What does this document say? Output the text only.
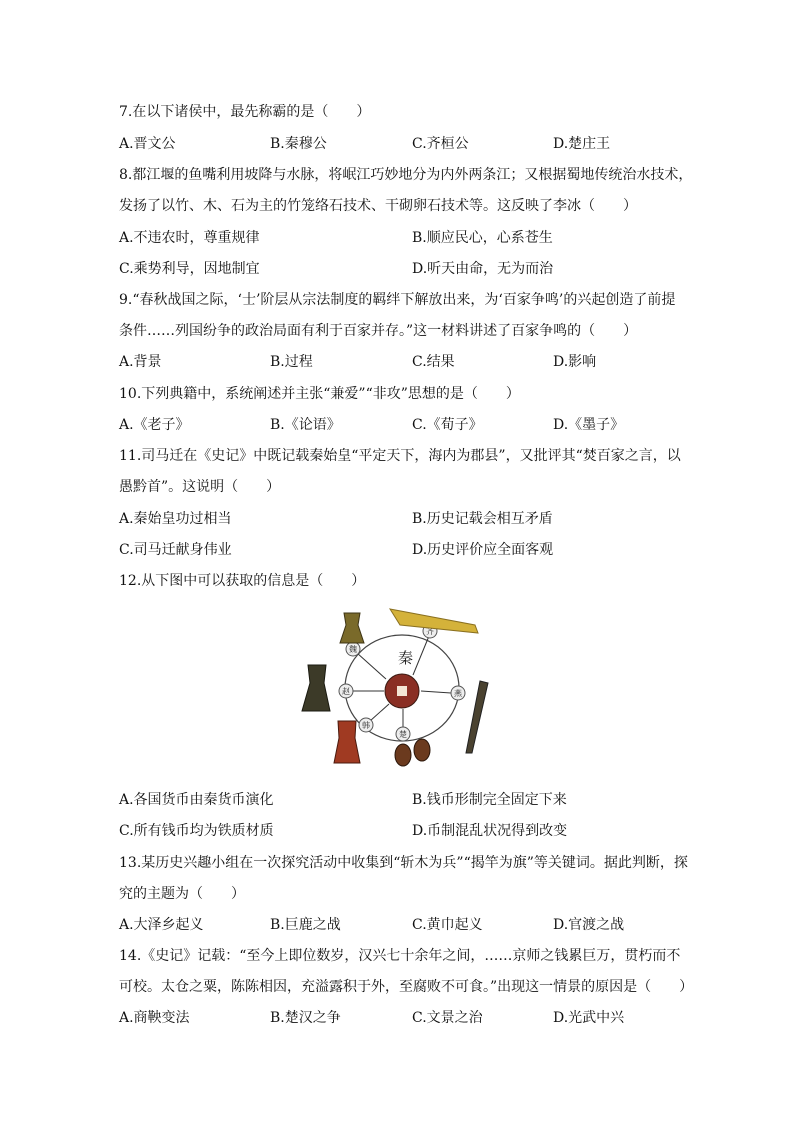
7.在以下诸侯中，最先称霸的是（　　）
A.晋文公	B.秦穆公	C.齐桓公	D.楚庄王
8.都江堰的鱼嘴利用坡降与水脉，将岷江巧妙地分为内外两条江；又根据蜀地传统治水技术，
发扬了以竹、木、石为主的竹笼络石技术、干砌卵石技术等。这反映了李冰（　　）
A.不违农时，尊重规律	B.顺应民心，心系苍生
C.乘势利导，因地制宜	D.听天由命，无为而治
9.“春秋战国之际，‘士’阶层从宗法制度的羁绊下解放出来，为‘百家争鸣’的兴起创造了前提
条件……列国纷争的政治局面有利于百家并存。”这一材料讲述了百家争鸣的（　　）
A.背景	B.过程	C.结果	D.影响
10.下列典籍中，系统阐述并主张“兼爱”“非攻”思想的是（　　）
A.《老子》	B.《论语》	C.《荀子》	D.《墨子》
11.司马迁在《史记》中既记载秦始皇“平定天下，海内为郡县”，又批评其“焚百家之言，以
愚黔首”。这说明（　　）
A.秦始皇功过相当	B.历史记载会相互矛盾
C.司马迁献身伟业	D.历史评价应全面客观
12.从下图中可以获取的信息是（　　）
秦
魏
齐
燕
楚
韩
赵
A.各国货币由秦货币演化	B.钱币形制完全固定下来
C.所有钱币均为铁质材质	D.币制混乱状况得到改变
13.某历史兴趣小组在一次探究活动中收集到“斩木为兵”“揭竿为旗”等关键词。据此判断，探
究的主题为（　　）
A.大泽乡起义	B.巨鹿之战	C.黄巾起义	D.官渡之战
14.《史记》记载：“至今上即位数岁，汉兴七十余年之间，……京师之钱累巨万，贯朽而不
可校。太仓之粟，陈陈相因，充溢露积于外，至腐败不可食。”出现这一情景的原因是（　　）
A.商鞅变法	B.楚汉之争	C.文景之治	D.光武中兴
